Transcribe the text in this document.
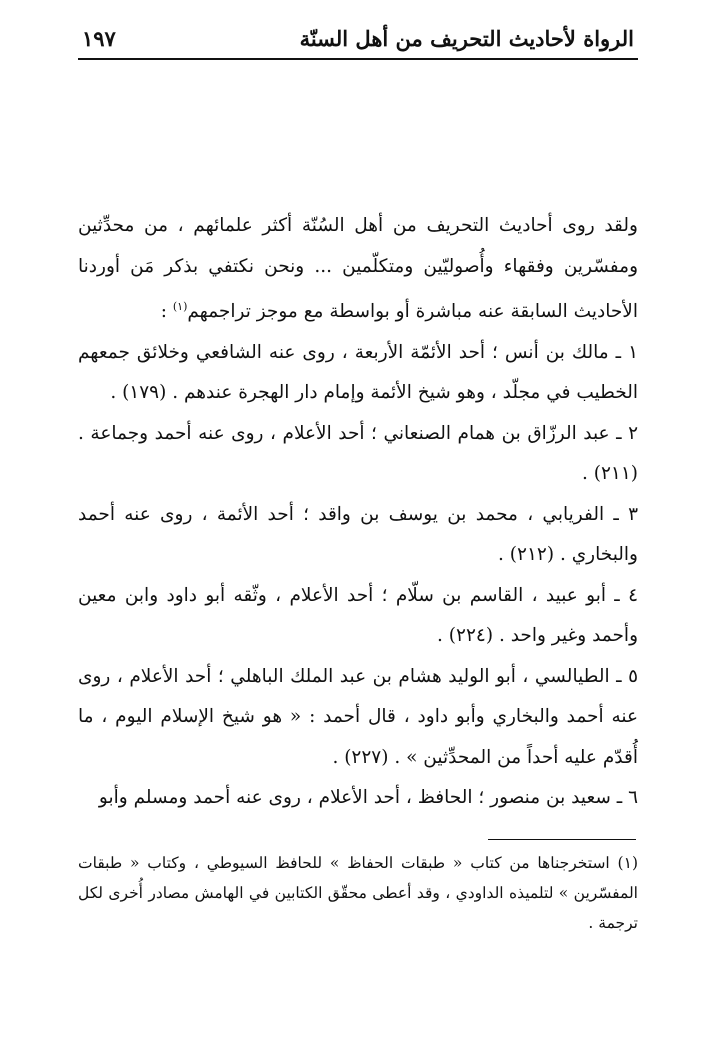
الرواة لأحاديث التحريف من أهل السنّة
١٩٧

ولقد روى أحاديث التحريف من أهل السُنّة أكثر علمائهم ، من محدِّثين ومفسّرين وفقهاء وأُصوليّين ومتكلّمين ... ونحن نكتفي بذكر مَن أوردنا الأحاديث السابقة عنه مباشرة أو بواسطة مع موجز تراجمهم$^{(١)}$ :

١ ـ مالك بن أنس ؛ أحد الأئمّة الأربعة ، روى عنه الشافعي وخلائق جمعهم الخطيب في مجلّد ، وهو شيخ الأئمة وإمام دار الهجرة عندهم . (١٧٩) .

٢ ـ عبد الرزّاق بن همام الصنعاني ؛ أحد الأعلام ، روى عنه أحمد وجماعة . (٢١١) .

٣ ـ الفريابي ، محمد بن يوسف بن واقد ؛ أحد الأئمة ، روى عنه أحمد والبخاري . (٢١٢) .

٤ ـ أبو عبيد ، القاسم بن سلّام ؛ أحد الأعلام ، وثّقه أبو داود وابن معين وأحمد وغير واحد . (٢٢٤) .

٥ ـ الطيالسي ، أبو الوليد هشام بن عبد الملك الباهلي ؛ أحد الأعلام ، روى عنه أحمد والبخاري وأبو داود ، قال أحمد : « هو شيخ الإسلام اليوم ، ما أُقدّم عليه أحداً من المحدِّثين » . (٢٢٧) .

٦ ـ سعيد بن منصور ؛ الحافظ ، أحد الأعلام ، روى عنه أحمد ومسلم وأبو

(١) استخرجناها من كتاب « طبقات الحفاظ » للحافظ السيوطي ، وكتاب « طبقات المفسّرين » لتلميذه الداودي ، وقد أعطى محقّق الكتابين في الهامش مصادر أُخرى لكل ترجمة .
